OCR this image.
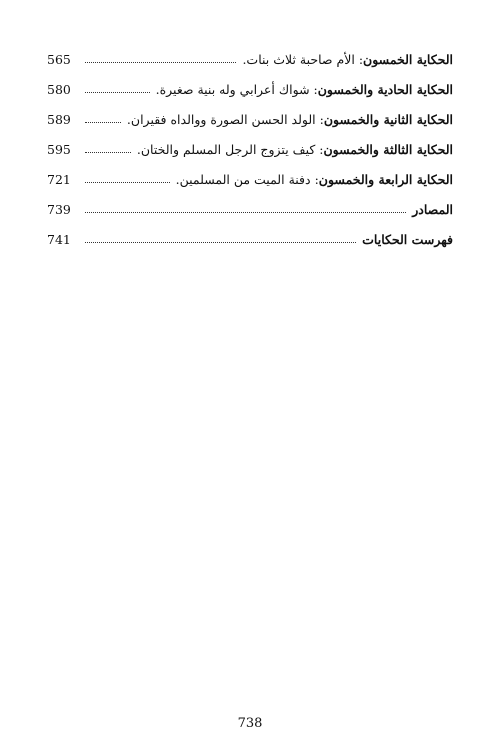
565	الحكاية الخمسون: الأم صاحبة ثلاث بنات.
580	الحكاية الحادية والخمسون: شواك أعرابي وله بنية صغيرة.
589	الحكاية الثانية والخمسون: الولد الحسن الصورة ووالداه فقيران.
595	الحكاية الثالثة والخمسون: كيف يتزوج الرجل المسلم والختان.
721	الحكاية الرابعة والخمسون: دفنة الميت من المسلمين.
739	المصادر
741	فهرست الحكايات
738
